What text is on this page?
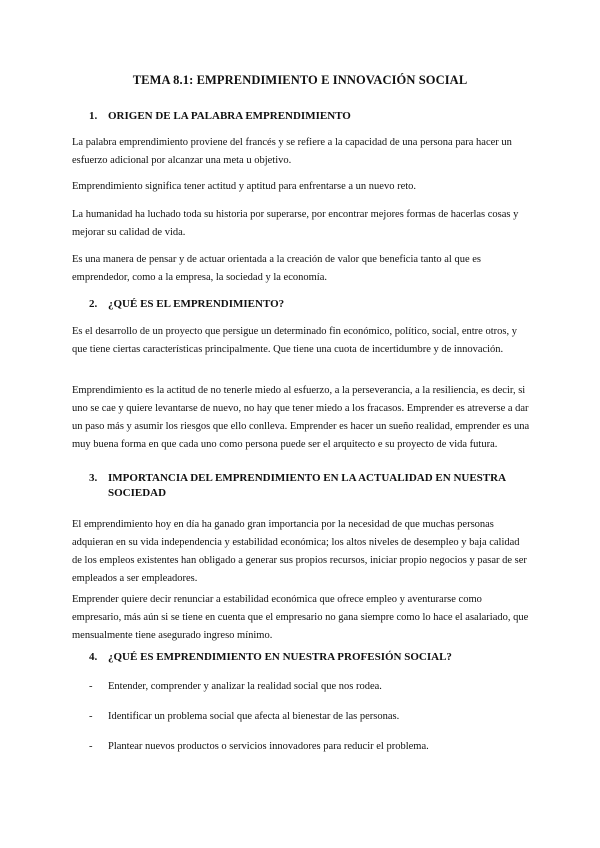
TEMA 8.1: EMPRENDIMIENTO E INNOVACIÓN SOCIAL
1. ORIGEN DE LA PALABRA EMPRENDIMIENTO

La palabra emprendimiento proviene del francés y se refiere a la capacidad de una persona para hacer un esfuerzo adicional por alcanzar una meta u objetivo.

Emprendimiento significa tener actitud y aptitud para enfrentarse a un nuevo reto.

La humanidad ha luchado toda su historia por superarse, por encontrar mejores formas de hacerlas cosas y mejorar su calidad de vida.

Es una manera de pensar y de actuar orientada a la creación de valor que beneficia tanto al que es emprendedor, como a la empresa, la sociedad y la economía.

2. ¿QUÉ ES EL EMPRENDIMIENTO?

Es el desarrollo de un proyecto que persigue un determinado fin económico, político, social, entre otros, y que tiene ciertas características principalmente. Que tiene una cuota de incertidumbre y de innovación.

Emprendimiento es la actitud de no tenerle miedo al esfuerzo, a la perseverancia, a la resiliencia, es decir, si uno se cae y quiere levantarse de nuevo, no hay que tener miedo a los fracasos. Emprender es atreverse a dar un paso más y asumir los riesgos que ello conlleva. Emprender es hacer un sueño realidad, emprender es una muy buena forma en que cada uno como persona puede ser el arquitecto e su proyecto de vida futura.

3. IMPORTANCIA DEL EMPRENDIMIENTO EN LA ACTUALIDAD EN NUESTRA SOCIEDAD

El emprendimiento hoy en día ha ganado gran importancia por la necesidad de que muchas personas adquieran en su vida independencia y estabilidad económica; los altos niveles de desempleo y baja calidad de los empleos existentes han obligado a generar sus propios recursos, iniciar propio negocios y pasar de ser empleados a ser empleadores.

Emprender quiere decir renunciar a estabilidad económica que ofrece empleo y aventurarse como empresario, más aún si se tiene en cuenta que el empresario no gana siempre como lo hace el asalariado, que mensualmente tiene asegurado ingreso mínimo.

4. ¿QUÉ ES EMPRENDIMIENTO EN NUESTRA PROFESIÓN SOCIAL?
- Entender, comprender y analizar la realidad social que nos rodea.
- Identificar un problema social que afecta al bienestar de las personas.
- Plantear nuevos productos o servicios innovadores para reducir el problema.
